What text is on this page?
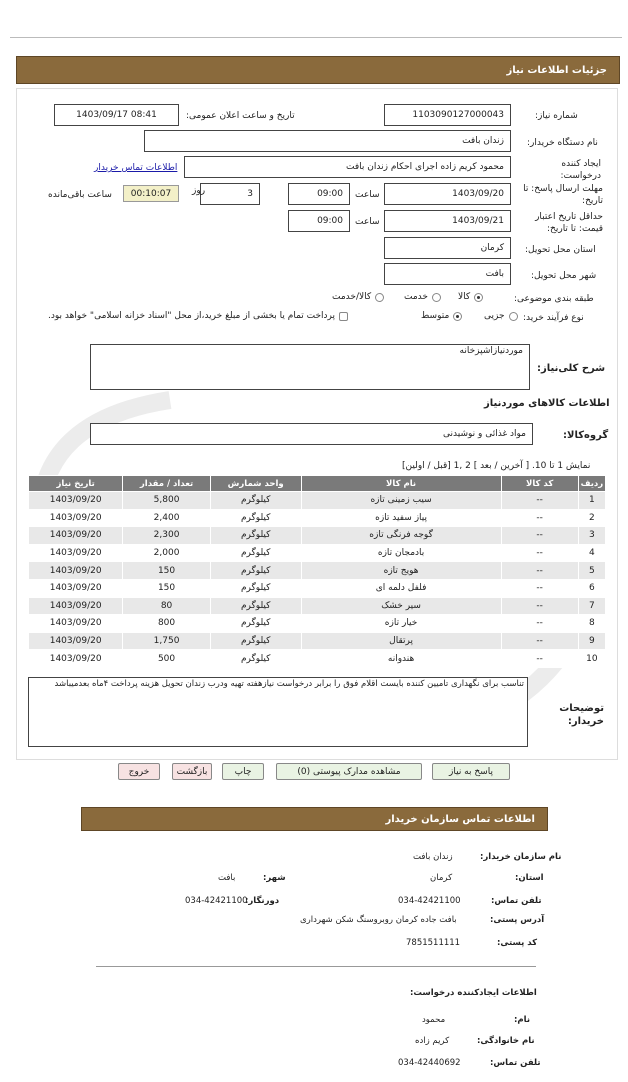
جزئیات اطلاعات نیاز
شماره نیاز:
1103090127000043
تاریخ و ساعت اعلان عمومی:
1403/09/17 08:41
نام دستگاه خریدار:
زندان بافت
ایجاد کننده درخواست:
محمود کریم زاده اجرای احکام زندان بافت
اطلاعات تماس خریدار
مهلت ارسال پاسخ: تا تاریخ:
1403/09/20
ساعت
09:00
3
روز
00:10:07
ساعت باقی‌مانده
حداقل تاریخ اعتبار قیمت: تا تاریخ:
1403/09/21
ساعت
09:00
استان محل تحویل:
کرمان
شهر محل تحویل:
بافت
طبقه بندی موضوعی:
کالا
خدمت
کالا/خدمت
نوع فرآیند خرید:
جزیی
متوسط
پرداخت تمام یا بخشی از مبلغ خرید،از محل "اسناد خزانه اسلامی" خواهد بود.
موردنیازاشپزخانه
شرح کلی‌نیاز:
اطلاعات کالاهای موردنیاز
گروه‌کالا:
مواد غذائی و نوشیدنی
نمایش 1 تا 10. [ آخرین / بعد ] 2 ,1 [قبل / اولین]
ردیف	کد کالا	نام کالا	واحد شمارش	تعداد / مقدار	تاریخ نیاز
1	--	سیب زمینی تازه	کیلوگرم	5,800	1403/09/20
2	--	پیاز سفید تازه	کیلوگرم	2,400	1403/09/20
3	--	گوجه فرنگی تازه	کیلوگرم	2,300	1403/09/20
4	--	بادمجان تازه	کیلوگرم	2,000	1403/09/20
5	--	هویج تازه	کیلوگرم	150	1403/09/20
6	--	فلفل دلمه ای	کیلوگرم	150	1403/09/20
7	--	سیر خشک	کیلوگرم	80	1403/09/20
8	--	خیار تازه	کیلوگرم	800	1403/09/20
9	--	پرتقال	کیلوگرم	1,750	1403/09/20
10	--	هندوانه	کیلوگرم	500	1403/09/20
تناسب برای نگهداری تامیین کننده بایست اقلام فوق را برابر درخواست نیازهفته تهیه ودرب زندان تحویل هزینه پرداخت ۴ماه بعدمیباشد
توضیحات خریدار:
پاسخ به نیاز
مشاهده مدارک پیوستی (0)
چاپ
بازگشت
خروج
اطلاعات تماس سازمان خریدار
نام سازمان خریدار:
زندان بافت
استان:
کرمان
شهر:
بافت
تلفن تماس:
034-42421100
دورنگار:
034-42421100
آدرس پستی:
بافت جاده کرمان روبروسنگ شکن شهرداری
کد پستی:
7851511111
اطلاعات ایجادکننده درخواست:
نام:
محمود
نام خانوادگی:
کریم زاده
تلفن تماس:
034-42440692
